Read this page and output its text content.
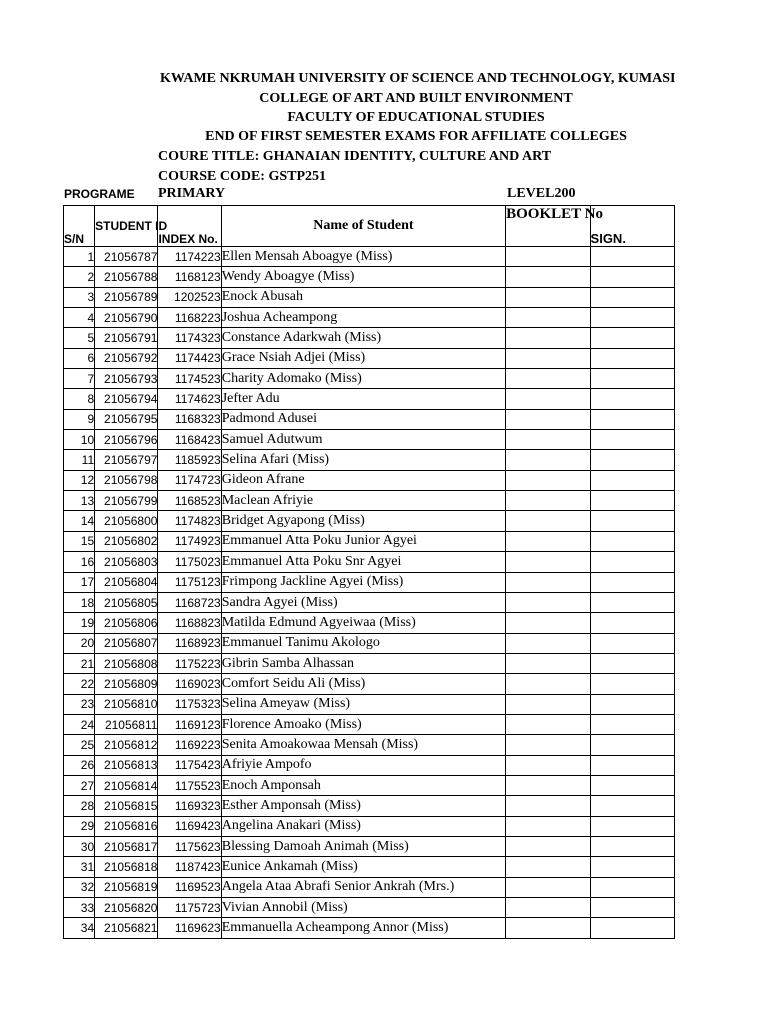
KWAME NKRUMAH UNIVERSITY OF SCIENCE AND TECHNOLOGY, KUMASI
COLLEGE OF ART AND BUILT ENVIRONMENT
FACULTY OF EDUCATIONAL STUDIES
END OF FIRST SEMESTER EXAMS FOR AFFILIATE COLLEGES
COURE TITLE: GHANAIAN IDENTITY, CULTURE AND ART
COURSE CODE: GSTP251
PROGRAME PRIMARY	LEVEL200
S/N	STUDENT ID	INDEX No.	Name of Student	BOOKLET No	SIGN.
1	21056787	1174223	Ellen Mensah Aboagye (Miss)		
2	21056788	1168123	Wendy Aboagye (Miss)		
3	21056789	1202523	Enock Abusah		
4	21056790	1168223	Joshua Acheampong		
5	21056791	1174323	Constance Adarkwah (Miss)		
6	21056792	1174423	Grace Nsiah Adjei (Miss)		
7	21056793	1174523	Charity Adomako (Miss)		
8	21056794	1174623	Jefter Adu		
9	21056795	1168323	Padmond Adusei		
10	21056796	1168423	Samuel Adutwum		
11	21056797	1185923	Selina Afari (Miss)		
12	21056798	1174723	Gideon Afrane		
13	21056799	1168523	Maclean Afriyie		
14	21056800	1174823	Bridget Agyapong (Miss)		
15	21056802	1174923	Emmanuel Atta Poku Junior Agyei		
16	21056803	1175023	Emmanuel Atta Poku Snr Agyei		
17	21056804	1175123	Frimpong Jackline Agyei (Miss)		
18	21056805	1168723	Sandra Agyei (Miss)		
19	21056806	1168823	Matilda Edmund Agyeiwaa (Miss)		
20	21056807	1168923	Emmanuel Tanimu Akologo		
21	21056808	1175223	Gibrin Samba Alhassan		
22	21056809	1169023	Comfort Seidu Ali (Miss)		
23	21056810	1175323	Selina Ameyaw (Miss)		
24	21056811	1169123	Florence Amoako (Miss)		
25	21056812	1169223	Senita Amoakowaa Mensah (Miss)		
26	21056813	1175423	Afriyie Ampofo		
27	21056814	1175523	Enoch Amponsah		
28	21056815	1169323	Esther Amponsah (Miss)		
29	21056816	1169423	Angelina Anakari (Miss)		
30	21056817	1175623	Blessing Damoah Animah (Miss)		
31	21056818	1187423	Eunice Ankamah (Miss)		
32	21056819	1169523	Angela Ataa Abrafi Senior Ankrah (Mrs.)		
33	21056820	1175723	Vivian Annobil (Miss)		
34	21056821	1169623	Emmanuella Acheampong Annor (Miss)		
